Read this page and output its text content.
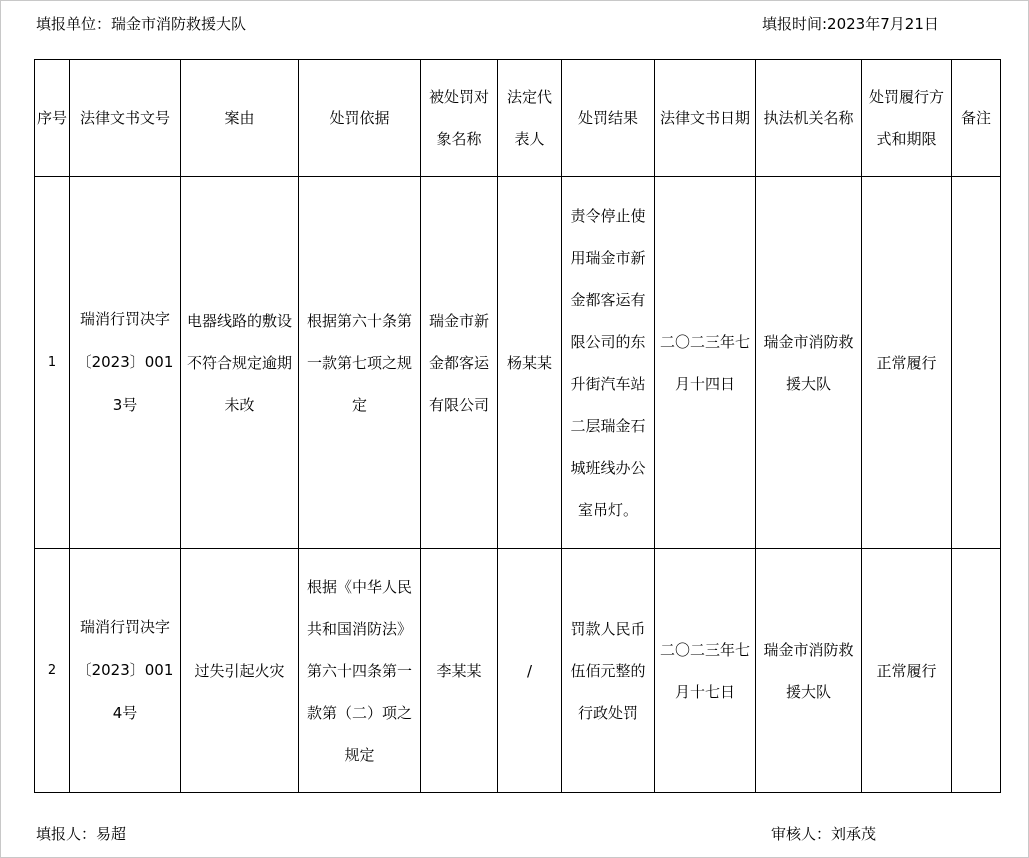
填报单位：瑞金市消防救援大队	填报时间:2023年7月21日
序号	法律文书文号	案由	处罚依据	被处罚对象名称	法定代表人	处罚结果	法律文书日期	执法机关名称	处罚履行方式和期限	备注
1	瑞消行罚决字〔2023〕0013号	电器线路的敷设不符合规定逾期未改	根据第六十条第一款第七项之规定	瑞金市新金都客运有限公司	杨某某	责令停止使用瑞金市新金都客运有限公司的东升街汽车站二层瑞金石城班线办公室吊灯。	二〇二三年七月十四日	瑞金市消防救援大队	正常履行	
2	瑞消行罚决字〔2023〕0014号	过失引起火灾	根据《中华人民共和国消防法》第六十四条第一款第（二）项之规定	李某某	/	罚款人民币伍佰元整的行政处罚	二〇二三年七月十七日	瑞金市消防救援大队	正常履行	
填报人：易超	审核人：刘承茂
